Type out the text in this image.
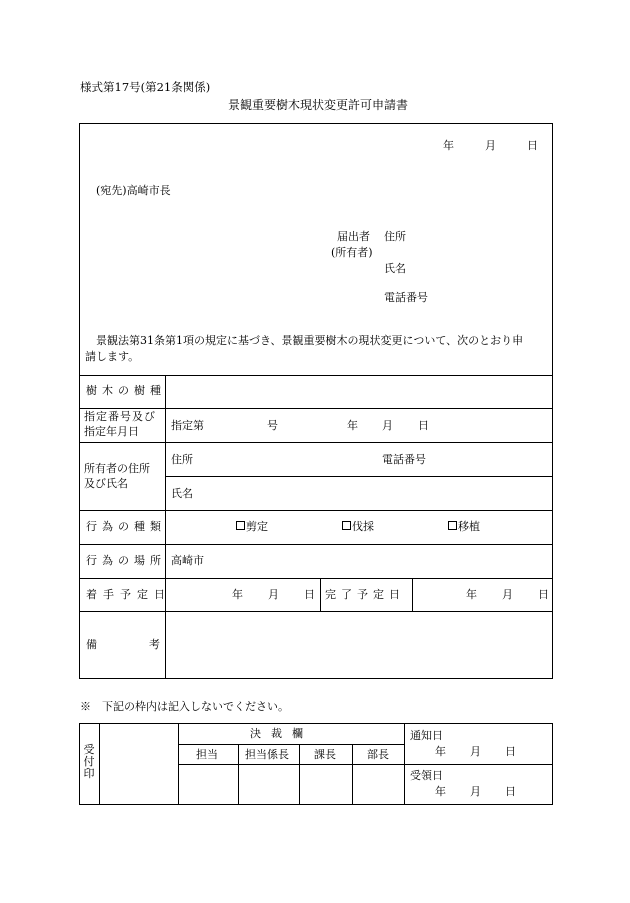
様式第17号(第21条関係)
景観重要樹木現状変更許可申請書
年	月	日
(宛先)高崎市長
届出者
(所有者)
住所
氏名
電話番号
景観法第31条第1項の規定に基づき、景観重要樹木の現状変更について、次のとおり申
請します。
樹木の樹種
指定番号及び
指定年月日	指定第	号	年 月 日
所有者の住所
及び氏名
住所	電話番号
氏名
行為の種類	剪定	伐採	移植
行為の場所 高崎市
着手予定日	年 月 日 完了予定日	年 月 日
備考
※　下記の枠内は記入しないでください。
受付印
決裁欄
担当 担当係長 課長	部長
通知日
年 月 日
受領日
年 月 日
